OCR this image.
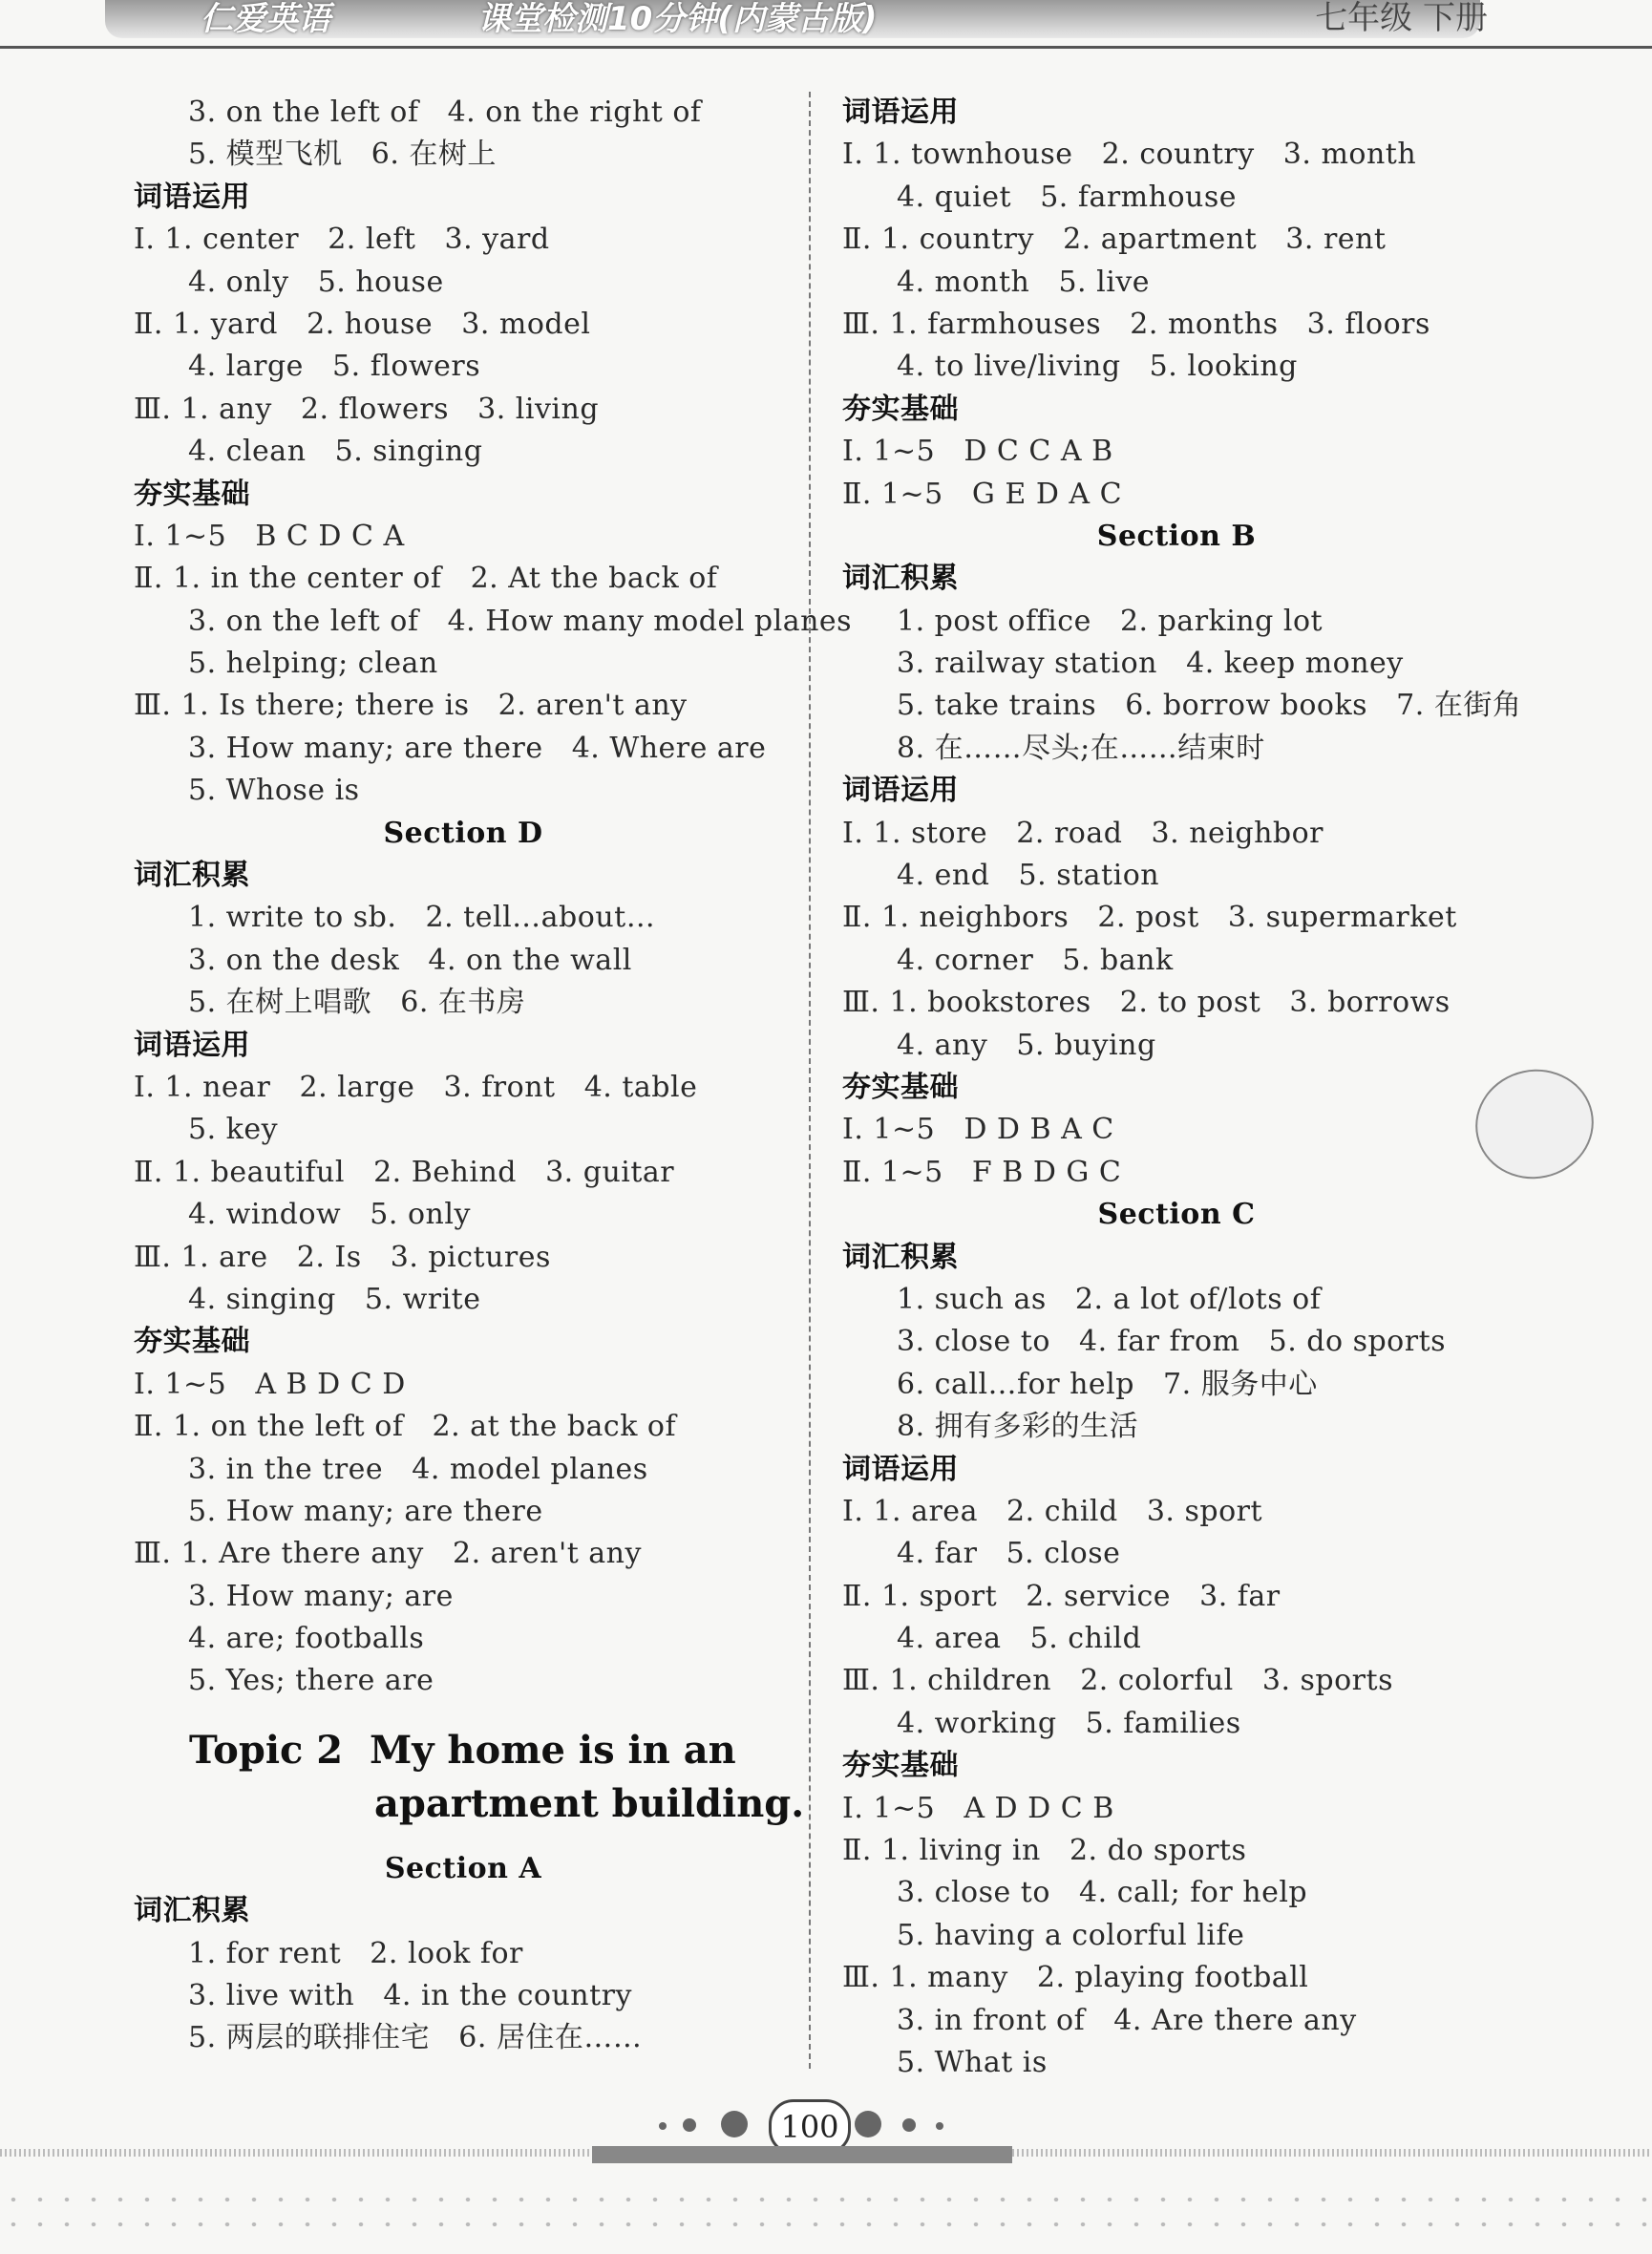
仁爱英语	课堂检测10分钟(内蒙古版)	七年级 下册
3. on the left of   4. on the right of
5. 模型飞机   6. 在树上
词语运用
Ⅰ. 1. center   2. left   3. yard
4. only   5. house
Ⅱ. 1. yard   2. house   3. model
4. large   5. flowers
Ⅲ. 1. any   2. flowers   3. living
4. clean   5. singing
夯实基础
Ⅰ. 1~5   B C D C A
Ⅱ. 1. in the center of   2. At the back of
3. on the left of   4. How many model planes
5. helping; clean
Ⅲ. 1. Is there; there is   2. aren't any
3. How many; are there   4. Where are
5. Whose is
Section D
词汇积累
1. write to sb.   2. tell…about…
3. on the desk   4. on the wall
5. 在树上唱歌   6. 在书房
词语运用
Ⅰ. 1. near   2. large   3. front   4. table
5. key
Ⅱ. 1. beautiful   2. Behind   3. guitar
4. window   5. only
Ⅲ. 1. are   2. Is   3. pictures
4. singing   5. write
夯实基础
Ⅰ. 1~5   A B D C D
Ⅱ. 1. on the left of   2. at the back of
3. in the tree   4. model planes
5. How many; are there
Ⅲ. 1. Are there any   2. aren't any
3. How many; are
4. are; footballs
5. Yes; there are
Topic 2  My home is in an
apartment building.
Section A
词汇积累
1. for rent   2. look for
3. live with   4. in the country
5. 两层的联排住宅   6. 居住在……
词语运用
Ⅰ. 1. townhouse   2. country   3. month
4. quiet   5. farmhouse
Ⅱ. 1. country   2. apartment   3. rent
4. month   5. live
Ⅲ. 1. farmhouses   2. months   3. floors
4. to live/living   5. looking
夯实基础
Ⅰ. 1~5   D C C A B
Ⅱ. 1~5   G E D A C
Section B
词汇积累
1. post office   2. parking lot
3. railway station   4. keep money
5. take trains   6. borrow books   7. 在街角
8. 在……尽头;在……结束时
词语运用
Ⅰ. 1. store   2. road   3. neighbor
4. end   5. station
Ⅱ. 1. neighbors   2. post   3. supermarket
4. corner   5. bank
Ⅲ. 1. bookstores   2. to post   3. borrows
4. any   5. buying
夯实基础
Ⅰ. 1~5   D D B A C
Ⅱ. 1~5   F B D G C
Section C
词汇积累
1. such as   2. a lot of/lots of
3. close to   4. far from   5. do sports
6. call…for help   7. 服务中心
8. 拥有多彩的生活
词语运用
Ⅰ. 1. area   2. child   3. sport
4. far   5. close
Ⅱ. 1. sport   2. service   3. far
4. area   5. child
Ⅲ. 1. children   2. colorful   3. sports
4. working   5. families
夯实基础
Ⅰ. 1~5   A D D C B
Ⅱ. 1. living in   2. do sports
3. close to   4. call; for help
5. having a colorful life
Ⅲ. 1. many   2. playing football
3. in front of   4. Are there any
5. What is
100
